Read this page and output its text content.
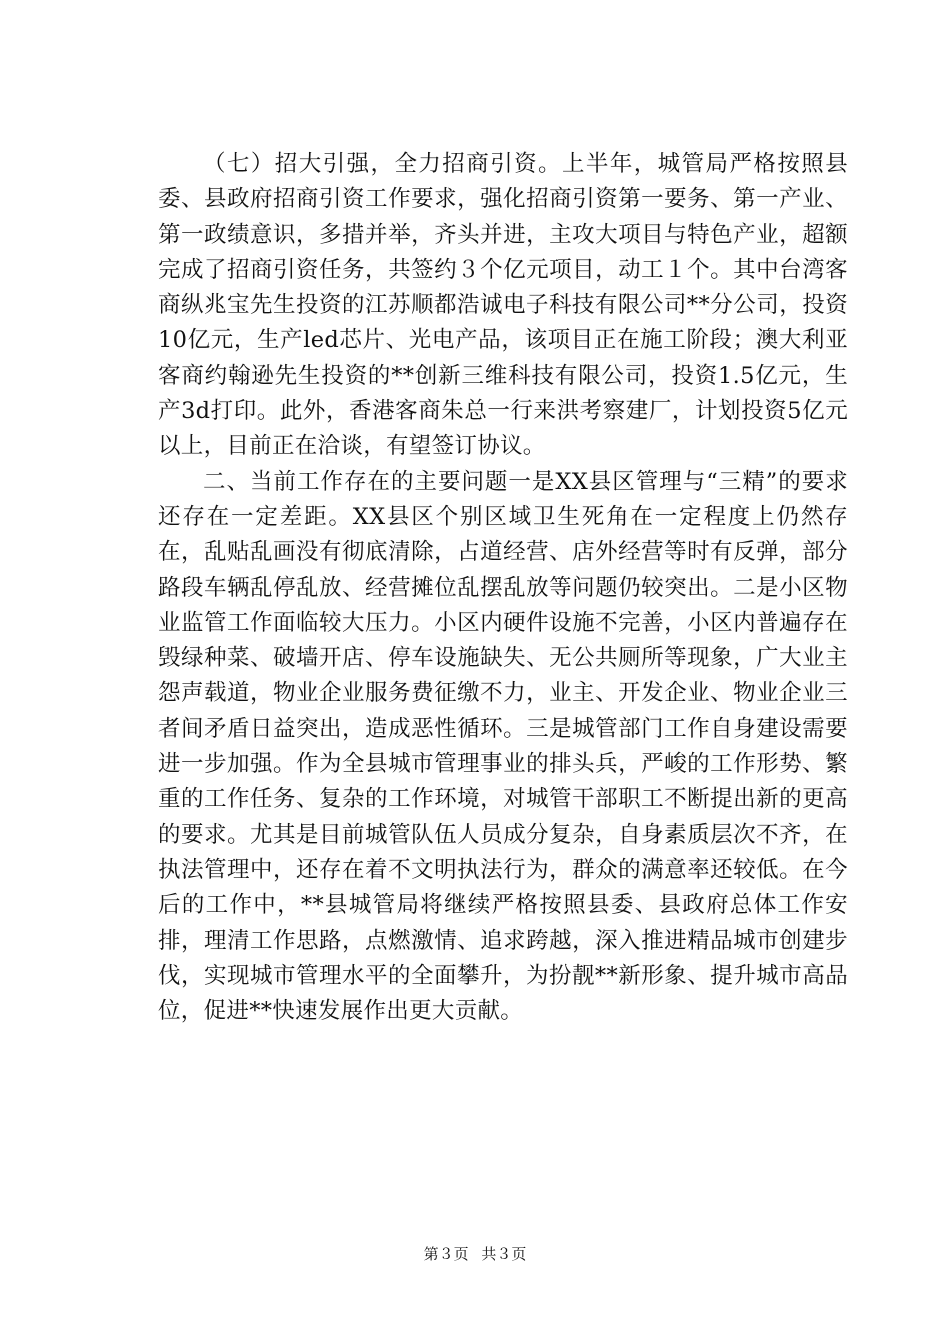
（七）招大引强，全力招商引资。上半年，城管局严格按照县委、县政府招商引资工作要求，强化招商引资第一要务、第一产业、第一政绩意识，多措并举，齐头并进，主攻大项目与特色产业，超额完成了招商引资任务，共签约３个亿元项目，动工１个。其中台湾客商纵兆宝先生投资的江苏顺都浩诚电子科技有限公司**分公司，投资10亿元，生产led芯片、光电产品，该项目正在施工阶段；澳大利亚客商约翰逊先生投资的**创新三维科技有限公司，投资1.5亿元，生产3d打印。此外，香港客商朱总一行来洪考察建厂，计划投资5亿元以上，目前正在洽谈，有望签订协议。

二、当前工作存在的主要问题一是XX县区管理与“三精”的要求还存在一定差距。XX县区个别区域卫生死角在一定程度上仍然存在，乱贴乱画没有彻底清除，占道经营、店外经营等时有反弹，部分路段车辆乱停乱放、经营摊位乱摆乱放等问题仍较突出。二是小区物业监管工作面临较大压力。小区内硬件设施不完善，小区内普遍存在毁绿种菜、破墙开店、停车设施缺失、无公共厕所等现象，广大业主怨声载道，物业企业服务费征缴不力，业主、开发企业、物业企业三者间矛盾日益突出，造成恶性循环。三是城管部门工作自身建设需要进一步加强。作为全县城市管理事业的排头兵，严峻的工作形势、繁重的工作任务、复杂的工作环境，对城管干部职工不断提出新的更高的要求。尤其是目前城管队伍人员成分复杂，自身素质层次不齐，在执法管理中，还存在着不文明执法行为，群众的满意率还较低。在今后的工作中，**县城管局将继续严格按照县委、县政府总体工作安排，理清工作思路，点燃激情、追求跨越，深入推进精品城市创建步伐，实现城市管理水平的全面攀升，为扮靓**新形象、提升城市高品位，促进**快速发展作出更大贡献。

第３页 共３页
